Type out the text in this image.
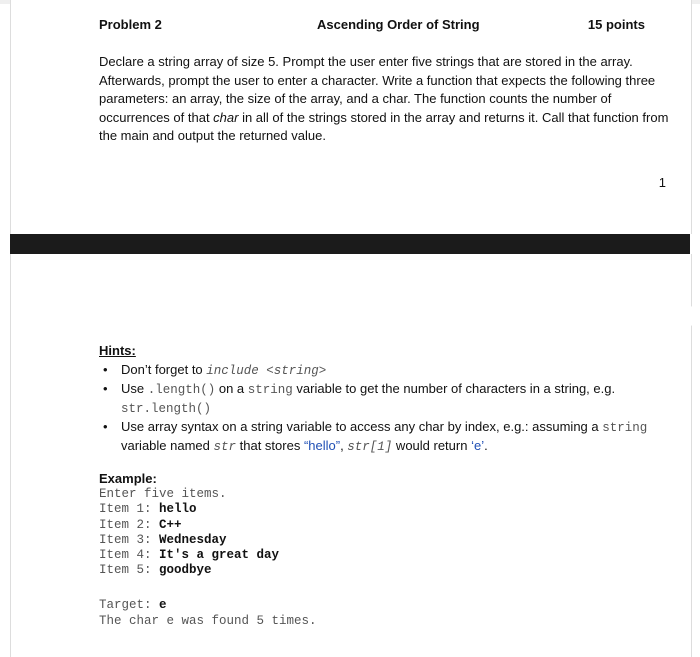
Problem 2	Ascending Order of String	15 points
Declare a string array of size 5. Prompt the user enter five strings that are stored in the array. Afterwards, prompt the user to enter a character. Write a function that expects the following three parameters: an array, the size of the array, and a char. The function counts the number of occurrences of that char in all of the strings stored in the array and returns it. Call that function from the main and output the returned value.
1
Hints:
• Don’t forget to include <string>
• Use .length() on a string variable to get the number of characters in a string, e.g. str.length()
• Use array syntax on a string variable to access any char by index, e.g.: assuming a string variable named str that stores “hello”, str[1] would return ‘e’.
Example:
Enter five items.
Item 1: hello
Item 2: C++
Item 3: Wednesday
Item 4: It's a great day
Item 5: goodbye
Target: e
The char e was found 5 times.
